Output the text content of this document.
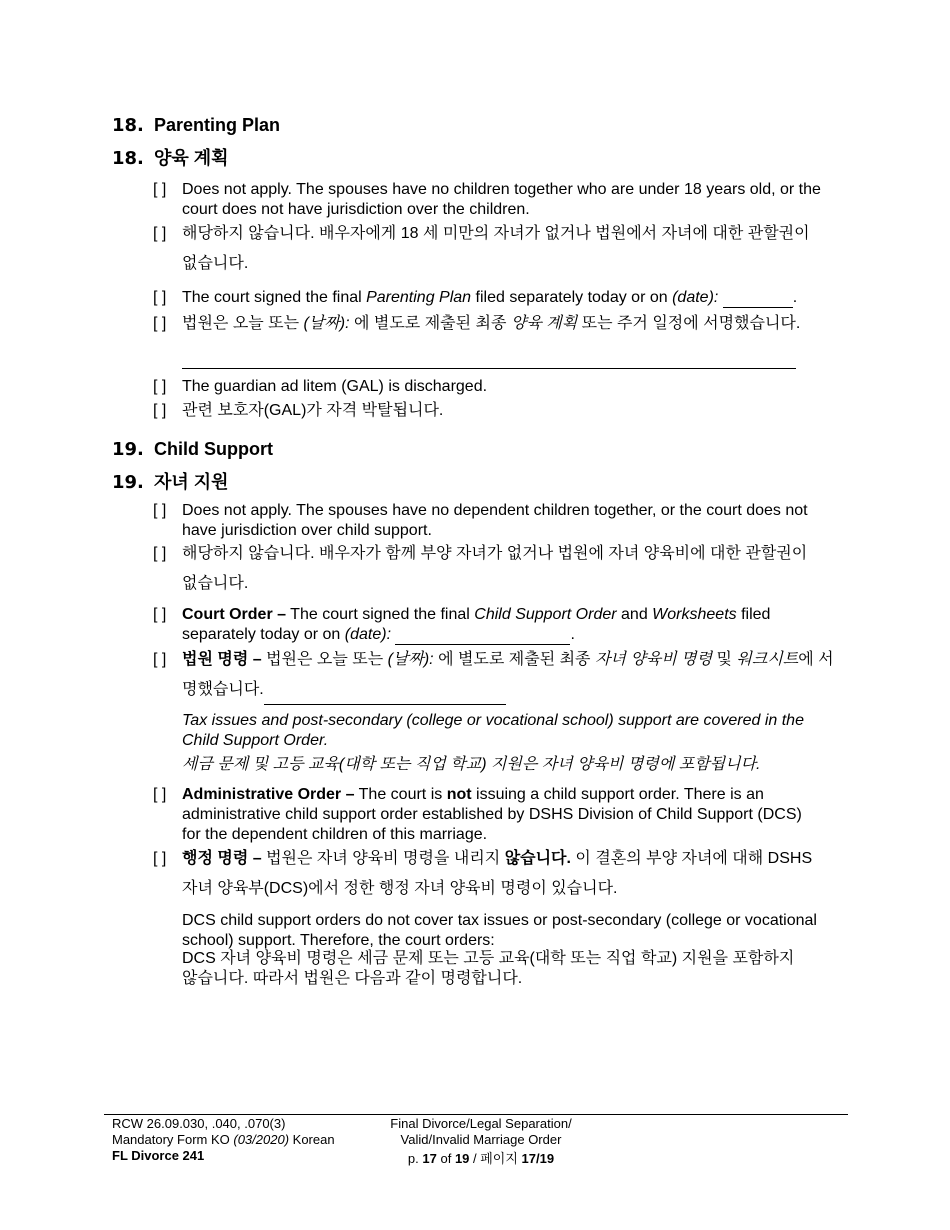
18. Parenting Plan
18. 양육 계획
[ ] Does not apply. The spouses have no children together who are under 18 years old, or the court does not have jurisdiction over the children.
[ ] 해당하지 않습니다. 배우자에게 18 세 미만의 자녀가 없거나 법원에서 자녀에 대한 관할권이 없습니다.
[ ] The court signed the final Parenting Plan filed separately today or on (date):	.
[ ] 법원은 오늘 또는 (날짜): 에 별도로 제출된 최종 양육 계획 또는 주거 일정에 서명했습니다.
[ ] The guardian ad litem (GAL) is discharged.
[ ] 관련 보호자(GAL)가 자격 박탈됩니다.
19. Child Support
19. 자녀 지원
[ ] Does not apply. The spouses have no dependent children together, or the court does not have jurisdiction over child support.
[ ] 해당하지 않습니다. 배우자가 함께 부양 자녀가 없거나 법원에 자녀 양육비에 대한 관할권이 없습니다.
[ ] Court Order – The court signed the final Child Support Order and Worksheets filed separately today or on (date):	.
[ ] 법원 명령 – 법원은 오늘 또는 (날짜): 에 별도로 제출된 최종 자녀 양육비 명령 및 워크시트에 서명했습니다.
Tax issues and post-secondary (college or vocational school) support are covered in the Child Support Order.
세금 문제 및 고등 교육(대학 또는 직업 학교) 지원은 자녀 양육비 명령에 포함됩니다.
[ ] Administrative Order – The court is not issuing a child support order. There is an administrative child support order established by DSHS Division of Child Support (DCS) for the dependent children of this marriage.
[ ] 행정 명령 – 법원은 자녀 양육비 명령을 내리지 않습니다. 이 결혼의 부양 자녀에 대해 DSHS 자녀 양육부(DCS)에서 정한 행정 자녀 양육비 명령이 있습니다.
DCS child support orders do not cover tax issues or post-secondary (college or vocational school) support. Therefore, the court orders:
DCS 자녀 양육비 명령은 세금 문제 또는 고등 교육(대학 또는 직업 학교) 지원을 포함하지 않습니다. 따라서 법원은 다음과 같이 명령합니다.
RCW 26.09.030, .040, .070(3)
Mandatory Form KO (03/2020) Korean
FL Divorce 241
Final Divorce/Legal Separation/
Valid/Invalid Marriage Order
p. 17 of 19 / 페이지 17/19
